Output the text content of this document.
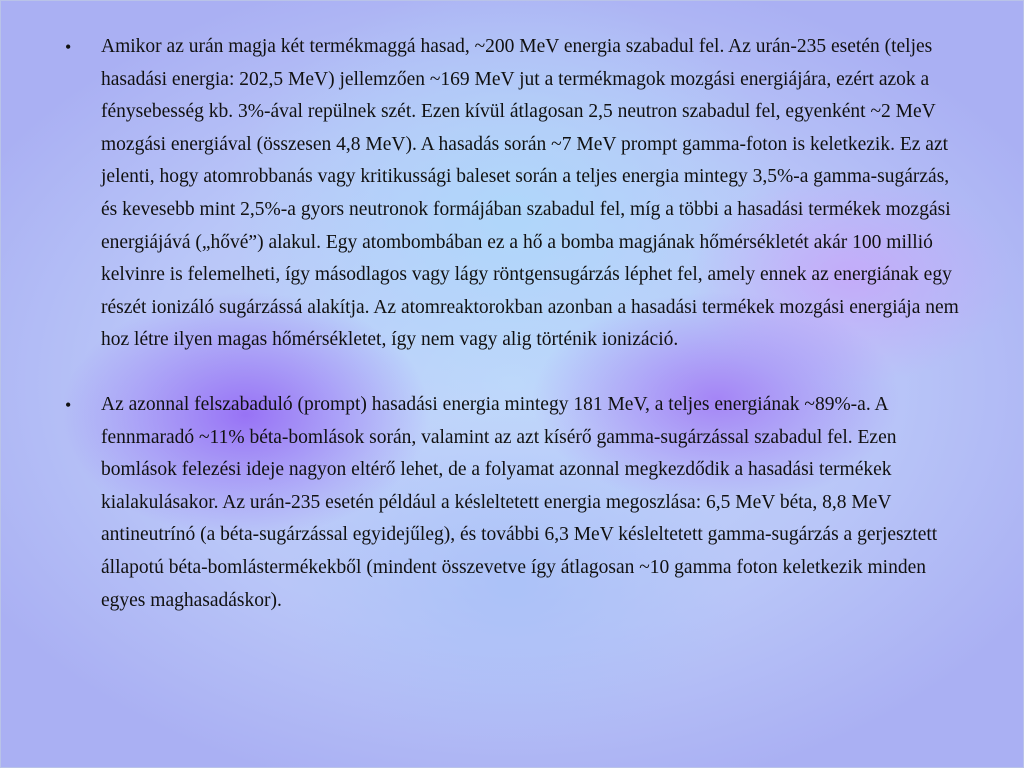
• Amikor az urán magja két termékmaggá hasad, ~200 MeV energia szabadul fel. Az urán-235 esetén (teljes hasadási energia: 202,5 MeV) jellemzően ~169 MeV jut a termékmagok mozgási energiájára, ezért azok a fénysebesség kb. 3%-ával repülnek szét. Ezen kívül átlagosan 2,5 neutron szabadul fel, egyenként ~2 MeV mozgási energiával (összesen 4,8 MeV). A hasadás során ~7 MeV prompt gamma-foton is keletkezik. Ez azt jelenti, hogy atomrobbanás vagy kritikussági baleset során a teljes energia mintegy 3,5%-a gamma-sugárzás, és kevesebb mint 2,5%-a gyors neutronok formájában szabadul fel, míg a többi a hasadási termékek mozgási energiájává („hővé”) alakul. Egy atombombában ez a hő a bomba magjának hőmérsékletét akár 100 millió kelvinre is felemelheti, így másodlagos vagy lágy röntgensugárzás léphet fel, amely ennek az energiának egy részét ionizáló sugárzássá alakítja. Az atomreaktorokban azonban a hasadási termékek mozgási energiája nem hoz létre ilyen magas hőmérsékletet, így nem vagy alig történik ionizáció.
• Az azonnal felszabaduló (prompt) hasadási energia mintegy 181 MeV, a teljes energiának ~89%-a. A fennmaradó ~11% béta-bomlások során, valamint az azt kísérő gamma-sugárzással szabadul fel. Ezen bomlások felezési ideje nagyon eltérő lehet, de a folyamat azonnal megkezdődik a hasadási termékek kialakulásakor. Az urán-235 esetén például a késleltetett energia megoszlása: 6,5 MeV béta, 8,8 MeV antineutrínó (a béta-sugárzással egyidejűleg), és további 6,3 MeV késleltetett gamma-sugárzás a gerjesztett állapotú béta-bomlástermékekből (mindent összevetve így átlagosan ~10 gamma foton keletkezik minden egyes maghasadáskor).
